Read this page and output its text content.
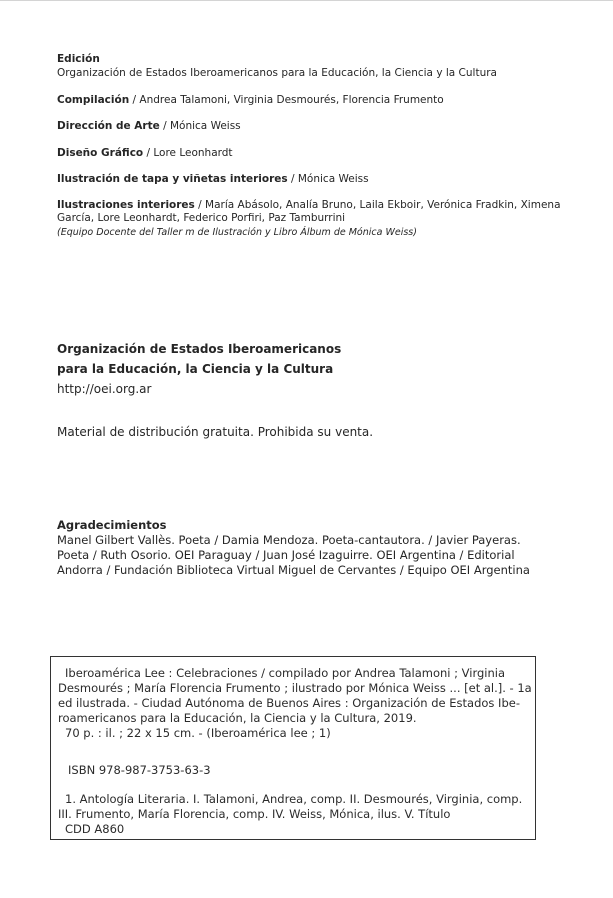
Edición
Organización de Estados Iberoamericanos para la Educación, la Ciencia y la Cultura
Compilación / Andrea Talamoni, Virginia Desmourés, Florencia Frumento
Dirección de Arte / Mónica Weiss
Diseño Gráfico / Lore Leonhardt
Ilustración de tapa y viñetas interiores / Mónica Weiss
Ilustraciones interiores / María Abásolo, Analía Bruno, Laila Ekboir, Verónica Fradkin, Ximena
García, Lore Leonhardt, Federico Porfiri, Paz Tamburrini
(Equipo Docente del Taller m de Ilustración y Libro Álbum de Mónica Weiss)
Organización de Estados Iberoamericanos
para la Educación, la Ciencia y la Cultura
http://oei.org.ar
Material de distribución gratuita. Prohibida su venta.
Agradecimientos
Manel Gilbert Vallès. Poeta / Damia Mendoza. Poeta-cantautora. / Javier Payeras.
Poeta / Ruth Osorio. OEI Paraguay / Juan José Izaguirre. OEI Argentina / Editorial
Andorra / Fundación Biblioteca Virtual Miguel de Cervantes / Equipo OEI Argentina
Iberoamérica Lee : Celebraciones / compilado por Andrea Talamoni ; Virginia
Desmourés ; María Florencia Frumento ; ilustrado por Mónica Weiss ... [et al.]. - 1a
ed ilustrada. - Ciudad Autónoma de Buenos Aires : Organización de Estados Ibe-
roamericanos para la Educación, la Ciencia y la Cultura, 2019.
70 p. : il. ; 22 x 15 cm. - (Iberoamérica lee ; 1)
ISBN 978-987-3753-63-3
1. Antología Literaria. I. Talamoni, Andrea, comp. II. Desmourés, Virginia, comp.
III. Frumento, María Florencia, comp. IV. Weiss, Mónica, ilus. V. Título
CDD A860
